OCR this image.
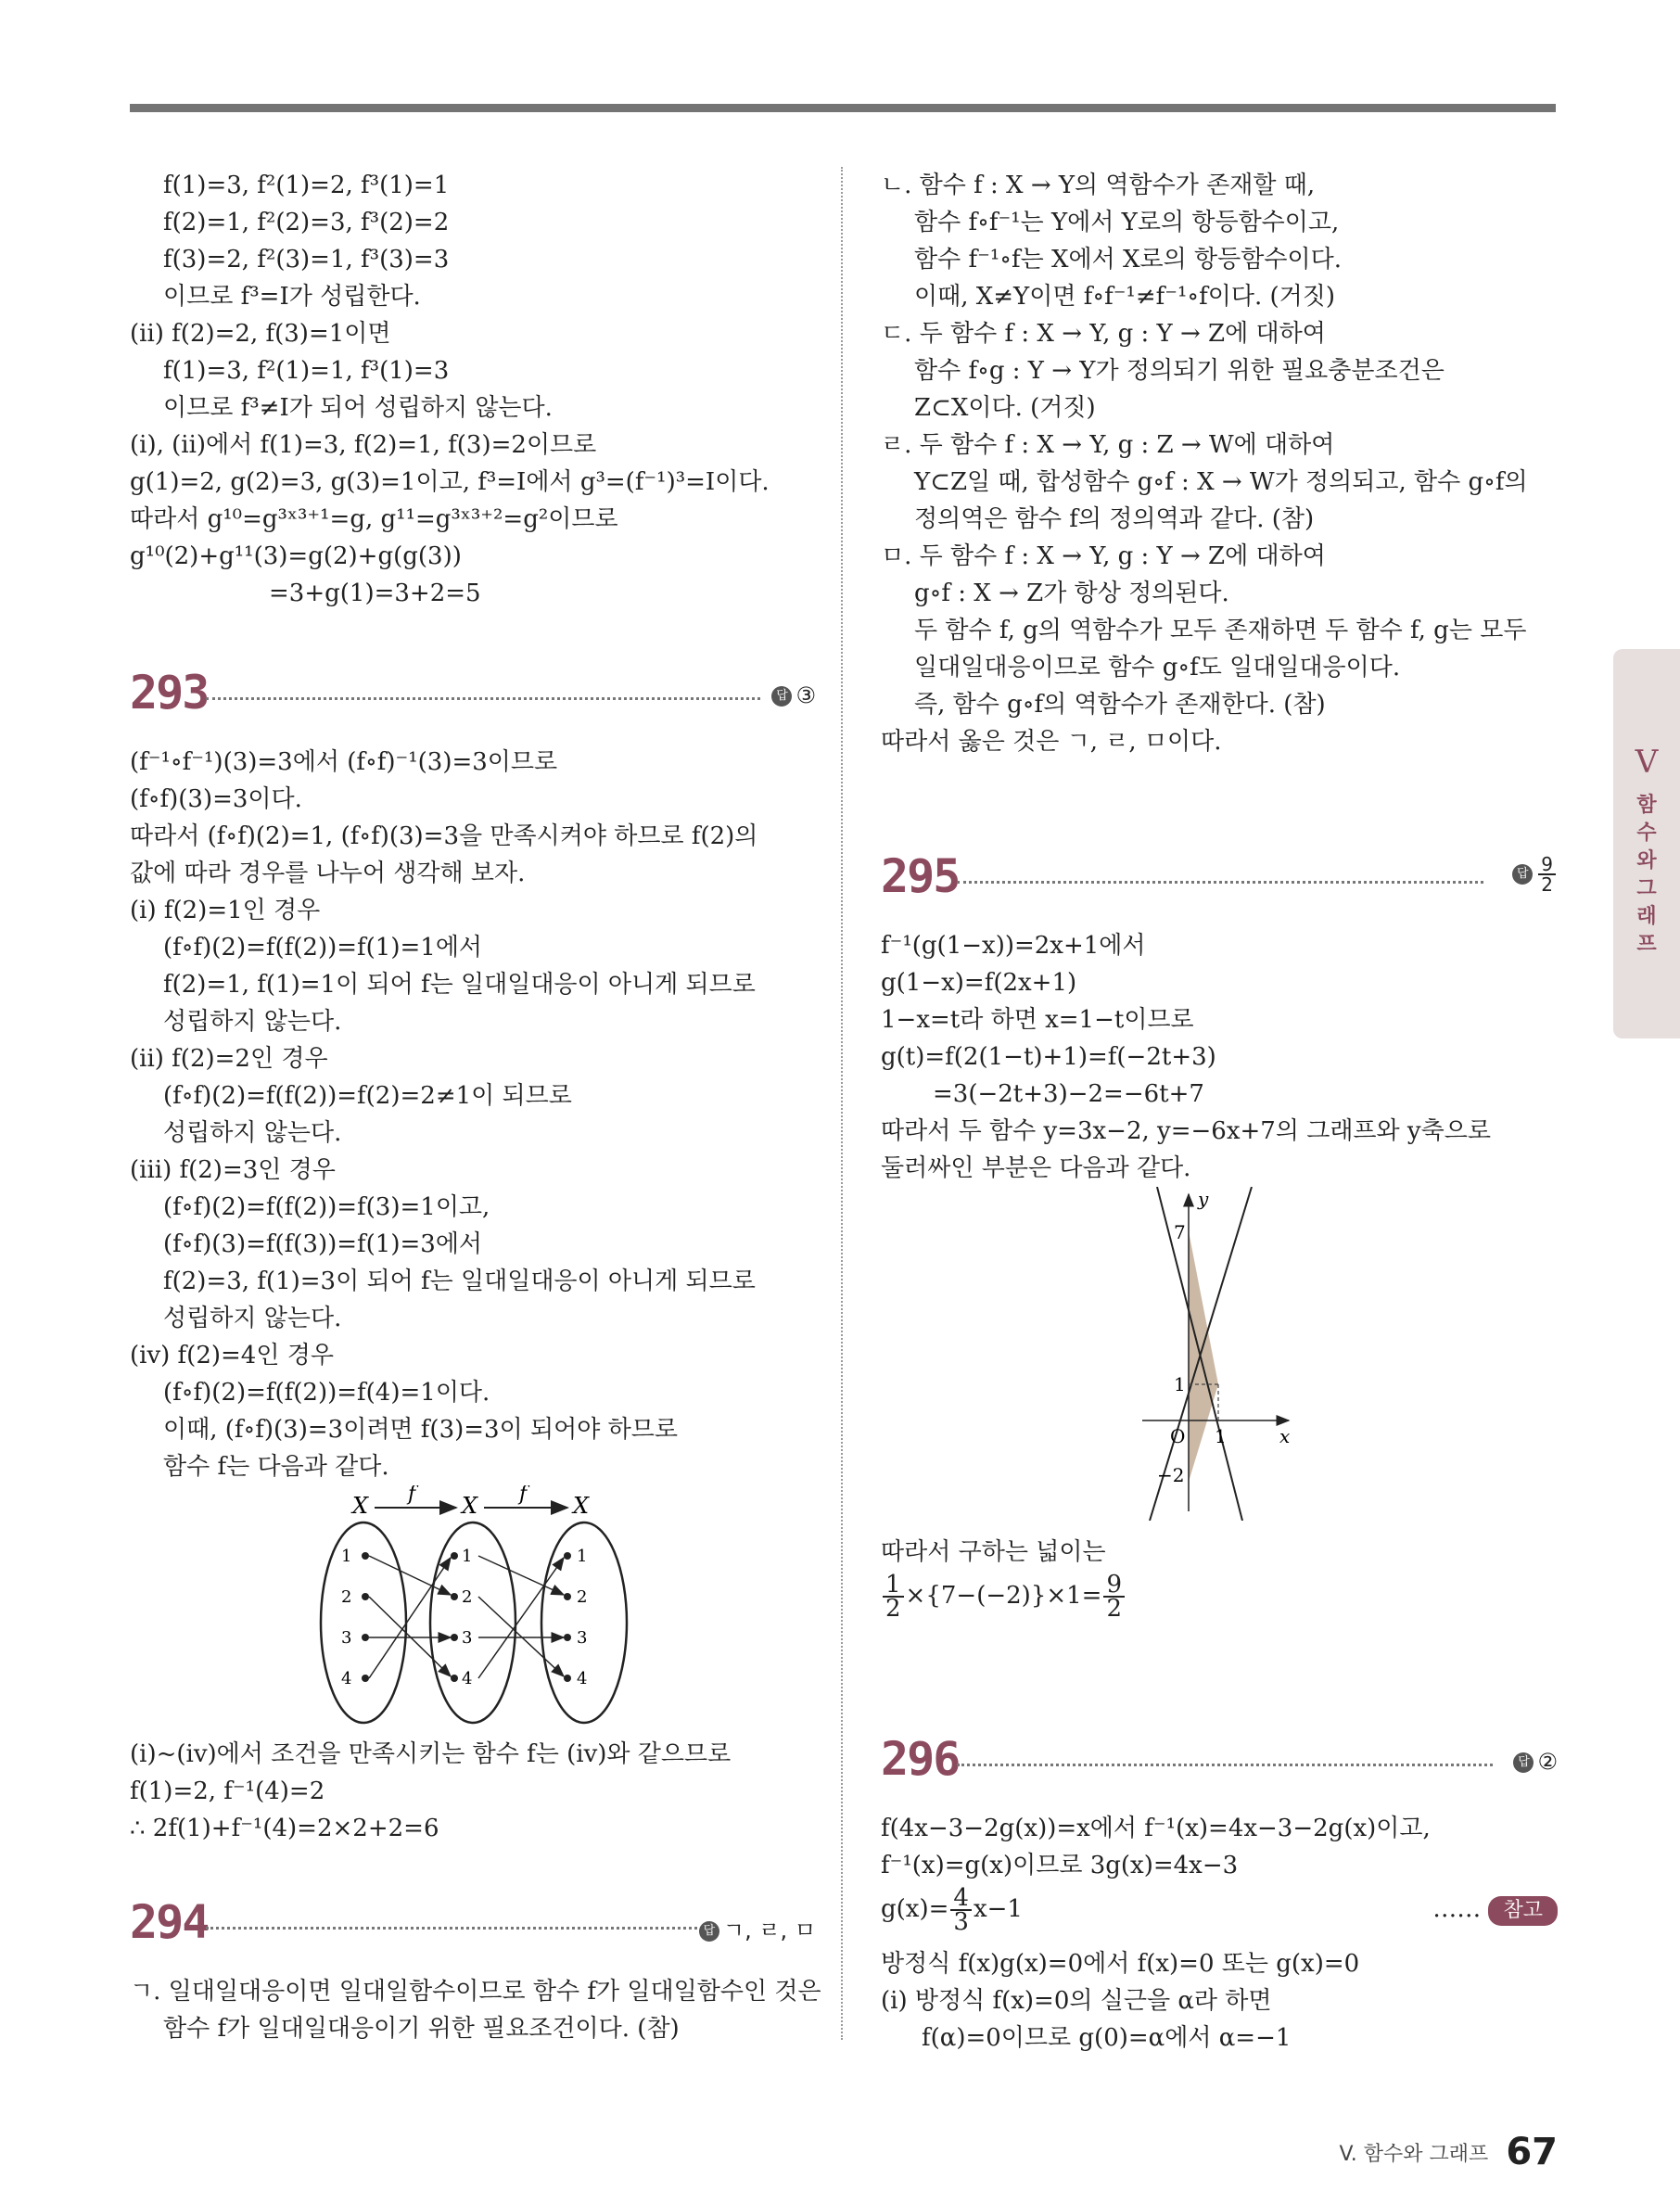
f(1)=3, f²(1)=2, f³(1)=1
f(2)=1, f²(2)=3, f³(2)=2
f(3)=2, f²(3)=1, f³(3)=3
이므로 f³=I가 성립한다.
(ii) f(2)=2, f(3)=1이면
f(1)=3, f²(1)=1, f³(1)=3
이므로 f³≠I가 되어 성립하지 않는다.
(i), (ii)에서 f(1)=3, f(2)=1, f(3)=2이므로
g(1)=2, g(2)=3, g(3)=1이고, f³=I에서 g³=(f⁻¹)³=I이다.
따라서 g¹⁰=g³ˣ³⁺¹=g, g¹¹=g³ˣ³⁺²=g²이므로
g¹⁰(2)+g¹¹(3)=g(2)+g(g(3))
=3+g(1)=3+2=5
293	답 ③
(f⁻¹∘f⁻¹)(3)=3에서 (f∘f)⁻¹(3)=3이므로
(f∘f)(3)=3이다.
따라서 (f∘f)(2)=1, (f∘f)(3)=3을 만족시켜야 하므로 f(2)의
값에 따라 경우를 나누어 생각해 보자.
(i) f(2)=1인 경우
(f∘f)(2)=f(f(2))=f(1)=1에서
f(2)=1, f(1)=1이 되어 f는 일대일대응이 아니게 되므로
성립하지 않는다.
(ii) f(2)=2인 경우
(f∘f)(2)=f(f(2))=f(2)=2≠1이 되므로
성립하지 않는다.
(iii) f(2)=3인 경우
(f∘f)(2)=f(f(2))=f(3)=1이고,
(f∘f)(3)=f(f(3))=f(1)=3에서
f(2)=3, f(1)=3이 되어 f는 일대일대응이 아니게 되므로
성립하지 않는다.
(iv) f(2)=4인 경우
(f∘f)(2)=f(f(2))=f(4)=1이다.
이때, (f∘f)(3)=3이려면 f(3)=3이 되어야 하므로
함수 f는 다음과 같다.
X	X	X
f	f
1
2
3
4
1
2
3
4
1
2
3
4
(i)~(iv)에서 조건을 만족시키는 함수 f는 (iv)와 같으므로
f(1)=2, f⁻¹(4)=2
∴ 2f(1)+f⁻¹(4)=2×2+2=6
294	답 ㄱ, ㄹ, ㅁ
ㄱ. 일대일대응이면 일대일함수이므로 함수 f가 일대일함수인 것은
함수 f가 일대일대응이기 위한 필요조건이다. (참)
ㄴ. 함수 f : X → Y의 역함수가 존재할 때,
함수 f∘f⁻¹는 Y에서 Y로의 항등함수이고,
함수 f⁻¹∘f는 X에서 X로의 항등함수이다.
이때, X≠Y이면 f∘f⁻¹≠f⁻¹∘f이다. (거짓)
ㄷ. 두 함수 f : X → Y, g : Y → Z에 대하여
함수 f∘g : Y → Y가 정의되기 위한 필요충분조건은
Z⊂X이다. (거짓)
ㄹ. 두 함수 f : X → Y, g : Z → W에 대하여
Y⊂Z일 때, 합성함수 g∘f : X → W가 정의되고, 함수 g∘f의
정의역은 함수 f의 정의역과 같다. (참)
ㅁ. 두 함수 f : X → Y, g : Y → Z에 대하여
g∘f : X → Z가 항상 정의된다.
두 함수 f, g의 역함수가 모두 존재하면 두 함수 f, g는 모두
일대일대응이므로 함수 g∘f도 일대일대응이다.
즉, 함수 g∘f의 역함수가 존재한다. (참)
따라서 옳은 것은 ㄱ, ㄹ, ㅁ이다.
295	답 $\frac{9}{2}$
f⁻¹(g(1−x))=2x+1에서
g(1−x)=f(2x+1)
1−x=t라 하면 x=1−t이므로
g(t)=f(2(1−t)+1)=f(−2t+3)
=3(−2t+3)−2=−6t+7
따라서 두 함수 y=3x−2, y=−6x+7의 그래프와 y축으로
둘러싸인 부분은 다음과 같다.
y
x
O
7
1
1
−2
따라서 구하는 넓이는
$\frac{1}{2} \times\{7-(-2)\}\times 1= \frac{9}{2}$
296	답 ②
f(4x−3−2g(x))=x에서 f⁻¹(x)=4x−3−2g(x)이고,
f⁻¹(x)=g(x)이므로 3g(x)=4x−3
$g(x)= \frac{4}{3} x-1$	…… 참고
방정식 f(x)g(x)=0에서 f(x)=0 또는 g(x)=0
(i) 방정식 f(x)=0의 실근을 α라 하면
f(α)=0이므로 g(0)=α에서 α=−1
V
함수와 그래프
V. 함수와 그래프 67
